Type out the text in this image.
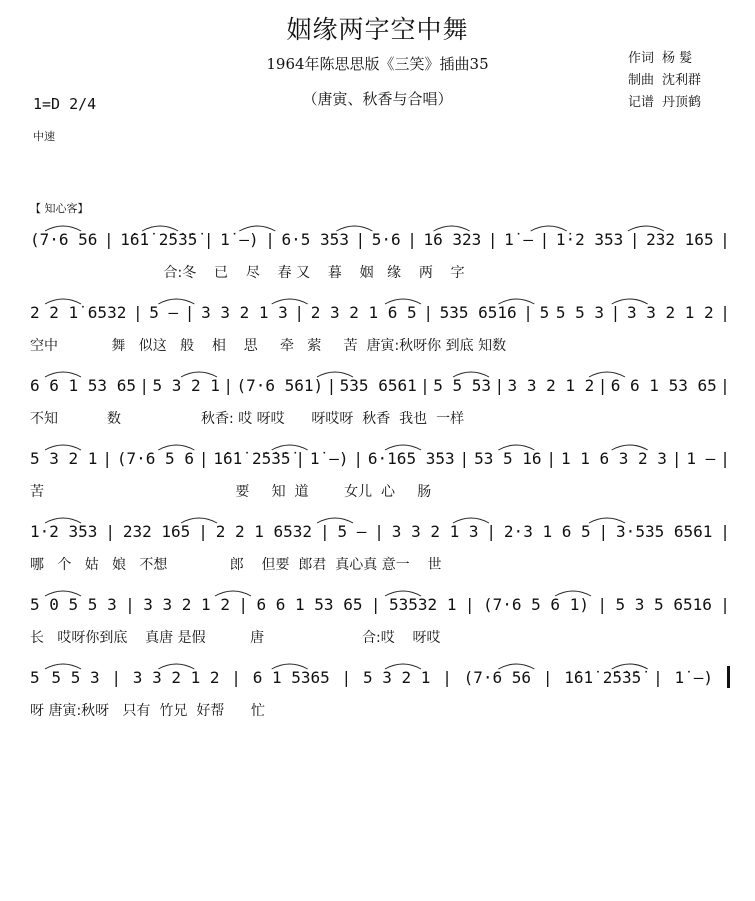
姻缘两字空中舞
1964年陈思思版《三笑》插曲35
（唐寅、秋香与合唱）
作词 杨 髮
制曲 沈利群
记谱 丹顶鹤
1=D 2/4
中速
【 知心客】
(7·6 56 | 1̇6̇1̇ 2̇5̇3̇5̇ | 1̇ –) | 6·5 353 | 5·6 | 16 323 | 1̇ – | 1̇·2 353 | 232 165 |
合:冬    已    尽    春 又    暮    姻   缘    两    字
2 2 1̇ 6532 | 5 – | 3 3 2 1 3 | 2 3 2 1 6 5 | 535 6516 | 5 5 5 3 | 3 3 2 1 2 |
空中            舞   似这   般    相    思     牵   萦     苦  唐寅:秋呀你 到底 知数
6 6 1 53 65 | 5 3 2 1 | (7·6 561) | 535 6561 | 5 5 53 | 3 3 2 1 2 | 6 6 1 53 65 |
不知           数                  秋香: 哎 呀哎      呀哎呀  秋香  我也  一样
5 3 2 1 | (7·6 5 6 | 1̇6̇1̇ 2̇5̇3̇5̇ | 1̇ –) | 6·165 353 | 53 5 16 | 1 1 6 3 2 3 | 1 – |
苦                                           要     知  道        女儿  心     肠
1·2 353 | 232 165 | 2 2 1 6532 | 5 – | 3 3 2 1 3 | 2·3 1 6 5 | 3·535 6561 |
哪   个   姑   娘   不想              郎    但要  郎君  真心真 意一    世
5 0 5 5 3 | 3 3 2 1 2 | 6 6 1 53 65 | 53532 1 | (7·6 5 6 1) | 5 3 5 6516 |
长   哎呀你到底    真唐 是假          唐                      合:哎    呀哎
5 5 5 3 | 3 3 2 1 2 | 6 1 5365 | 5 3 2 1 | (7·6 56 | 1̇6̇1̇ 2̇5̇3̇5̇ | 1̇ –)
呀 唐寅:秋呀   只有  竹兄  好帮      忙
